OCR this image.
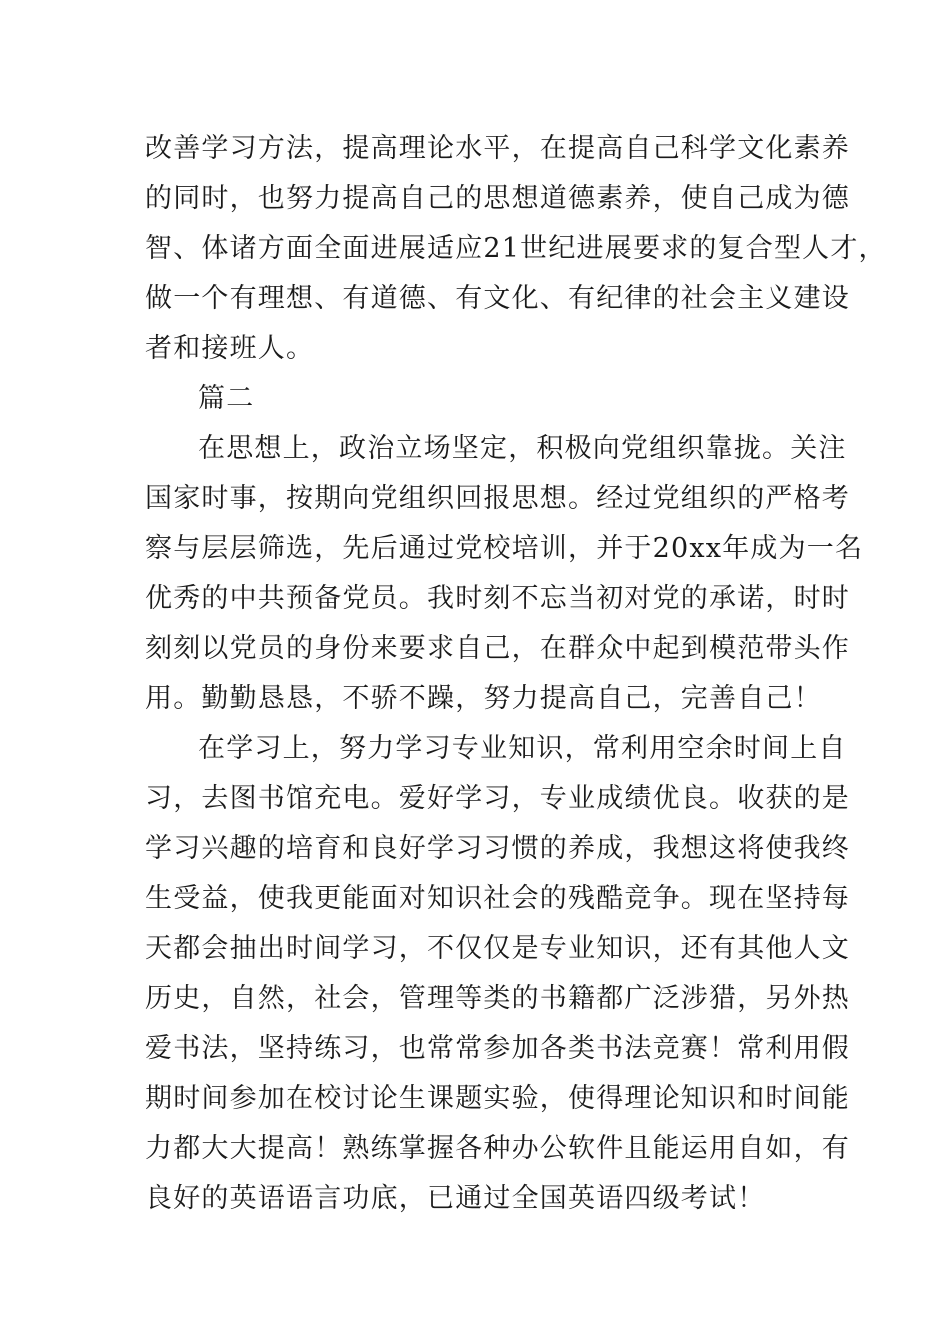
改善学习方法，提高理论水平，在提高自己科学文化素养

的同时，也努力提高自己的思想道德素养，使自己成为德

智、体诸方面全面进展适应21世纪进展要求的复合型人才，

做一个有理想、有道德、有文化、有纪律的社会主义建设

者和接班人。

篇二

在思想上，政治立场坚定，积极向党组织靠拢。关注

国家时事，按期向党组织回报思想。经过党组织的严格考

察与层层筛选，先后通过党校培训，并于20xx年成为一名

优秀的中共预备党员。我时刻不忘当初对党的承诺，时时

刻刻以党员的身份来要求自己，在群众中起到模范带头作

用。勤勤恳恳，不骄不躁，努力提高自己，完善自己！

在学习上，努力学习专业知识，常利用空余时间上自

习，去图书馆充电。爱好学习，专业成绩优良。收获的是

学习兴趣的培育和良好学习习惯的养成，我想这将使我终

生受益，使我更能面对知识社会的残酷竞争。现在坚持每

天都会抽出时间学习，不仅仅是专业知识，还有其他人文

历史，自然，社会，管理等类的书籍都广泛涉猎，另外热

爱书法，坚持练习，也常常参加各类书法竞赛！常利用假

期时间参加在校讨论生课题实验，使得理论知识和时间能

力都大大提高！熟练掌握各种办公软件且能运用自如，有

良好的英语语言功底，已通过全国英语四级考试！
